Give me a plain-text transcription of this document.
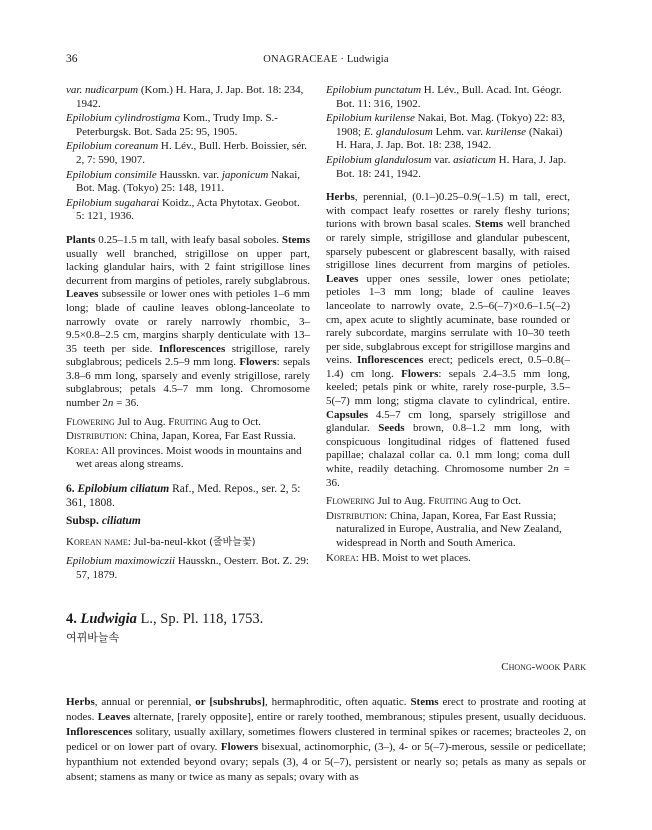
36	ONAGRACEAE · Ludwigia

var. nudicarpum (Kom.) H. Hara, J. Jap. Bot. 18: 234, 1942.

Epilobium cylindrostigma Kom., Trudy Imp. S.-Peterburgsk. Bot. Sada 25: 95, 1905.

Epilobium coreanum H. Lév., Bull. Herb. Boissier, sér. 2, 7: 590, 1907.

Epilobium consimile Hausskn. var. japonicum Nakai, Bot. Mag. (Tokyo) 25: 148, 1911.

Epilobium sugaharai Koidz., Acta Phytotax. Geobot. 5: 121, 1936.

Plants 0.25–1.5 m tall, with leafy basal soboles. Stems usually well branched, strigillose on upper part, lacking glandular hairs, with 2 faint strigillose lines decurrent from margins of petioles, rarely subglabrous. Leaves subsessile or lower ones with petioles 1–6 mm long; blade of cauline leaves oblong-lanceolate to narrowly ovate or rarely narrowly rhombic, 3–9.5×0.8–2.5 cm, margins sharply denticulate with 13–35 teeth per side. Inflorescences strigillose, rarely subglabrous; pedicels 2.5–9 mm long. Flowers: sepals 3.8–6 mm long, sparsely and evenly strigillose, rarely subglabrous; petals 4.5–7 mm long. Chromosome number 2n = 36.

Flowering Jul to Aug. Fruiting Aug to Oct.

Distribution: China, Japan, Korea, Far East Russia.

Korea: All provinces. Moist woods in mountains and wet areas along streams.

6. Epilobium ciliatum Raf., Med. Repos., ser. 2, 5: 361, 1808.

Subsp. ciliatum

Korean name: Jul-ba-neul-kkot (줄바늘꽃)

Epilobium maximowiczii Hausskn., Oesterr. Bot. Z. 29: 57, 1879.

Epilobium punctatum H. Lév., Bull. Acad. Int. Géogr. Bot. 11: 316, 1902.

Epilobium kurilense Nakai, Bot. Mag. (Tokyo) 22: 83, 1908; E. glandulosum Lehm. var. kurilense (Nakai) H. Hara, J. Jap. Bot. 18: 238, 1942.

Epilobium glandulosum var. asiaticum H. Hara, J. Jap. Bot. 18: 241, 1942.

Herbs, perennial, (0.1–)0.25–0.9(–1.5) m tall, erect, with compact leafy rosettes or rarely fleshy turions; turions with brown basal scales. Stems well branched or rarely simple, strigillose and glandular pubescent, sparsely pubescent or glabrescent basally, with raised strigillose lines decurrent from margins of petioles. Leaves upper ones sessile, lower ones petiolate; petioles 1–3 mm long; blade of cauline leaves lanceolate to narrowly ovate, 2.5–6(–7)×0.6–1.5(–2) cm, apex acute to slightly acuminate, base rounded or rarely subcordate, margins serrulate with 10–30 teeth per side, subglabrous except for strigillose margins and veins. Inflorescences erect; pedicels erect, 0.5–0.8(–1.4) cm long. Flowers: sepals 2.4–3.5 mm long, keeled; petals pink or white, rarely rose-purple, 3.5–5(–7) mm long; stigma clavate to cylindrical, entire. Capsules 4.5–7 cm long, sparsely strigillose and glandular. Seeds brown, 0.8–1.2 mm long, with conspicuous longitudinal ridges of flattened fused papillae; chalazal collar ca. 0.1 mm long; coma dull white, readily detaching. Chromosome number 2n = 36.

Flowering Jul to Aug. Fruiting Aug to Oct.

Distribution: China, Japan, Korea, Far East Russia; naturalized in Europe, Australia, and New Zealand, widespread in North and South America.

Korea: HB. Moist to wet places.

4. Ludwigia L., Sp. Pl. 118, 1753.

여뀌바늘속
Chong-wook Park

Herbs, annual or perennial, or [subshrubs], hermaphroditic, often aquatic. Stems erect to prostrate and rooting at nodes. Leaves alternate, [rarely opposite], entire or rarely toothed, membranous; stipules present, usually deciduous. Inflorescences solitary, usually axillary, sometimes flowers clustered in terminal spikes or racemes; bracteoles 2, on pedicel or on lower part of ovary. Flowers bisexual, actinomorphic, (3–), 4- or 5(–7)-merous, sessile or pedicellate; hypanthium not extended beyond ovary; sepals (3), 4 or 5(–7), persistent or nearly so; petals as many as sepals or absent; stamens as many or twice as many as sepals; ovary with as
